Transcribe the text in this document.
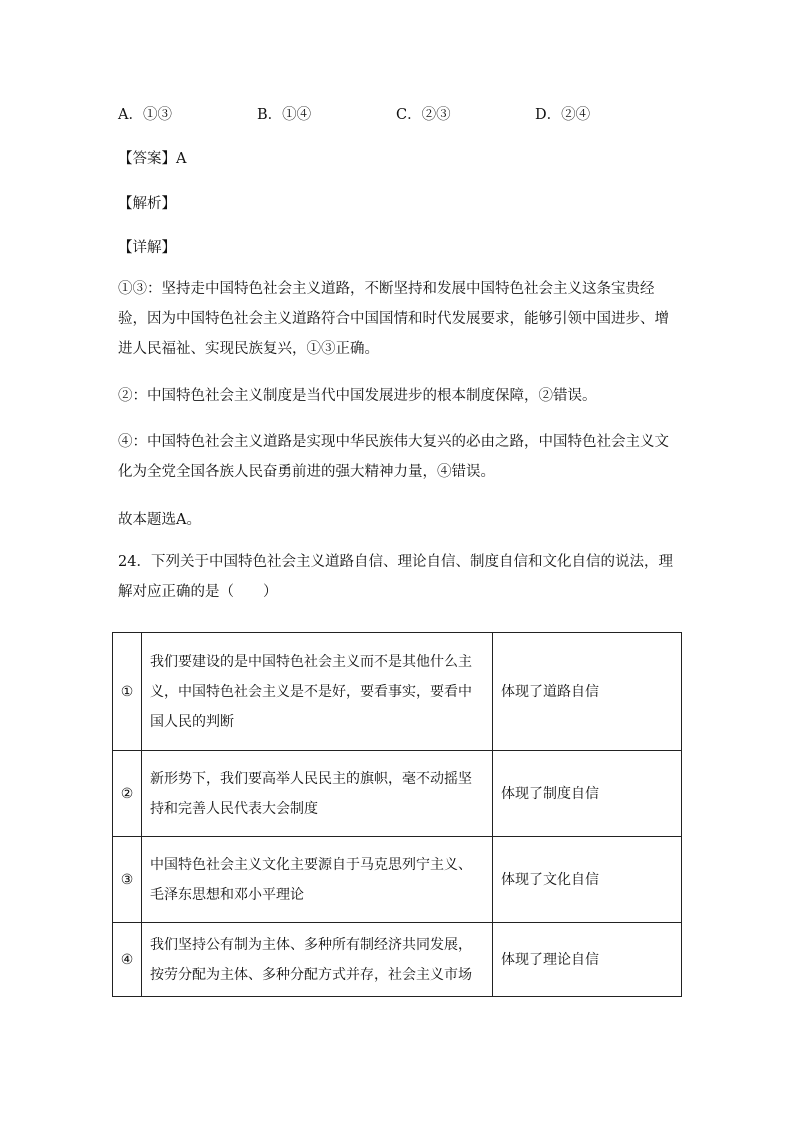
A．①③	B．①④	C．②③	D．②④
【答案】A
【解析】
【详解】
①③：坚持走中国特色社会主义道路，不断坚持和发展中国特色社会主义这条宝贵经验，因为中国特色社会主义道路符合中国国情和时代发展要求，能够引领中国进步、增进人民福祉、实现民族复兴，①③正确。
②：中国特色社会主义制度是当代中国发展进步的根本制度保障，②错误。
④：中国特色社会主义道路是实现中华民族伟大复兴的必由之路，中国特色社会主义文化为全党全国各族人民奋勇前进的强大精神力量，④错误。
故本题选A。
24．下列关于中国特色社会主义道路自信、理论自信、制度自信和文化自信的说法，理解对应正确的是（　　）
①	我们要建设的是中国特色社会主义而不是其他什么主义，中国特色社会主义是不是好，要看事实，要看中国人民的判断	体现了道路自信
②	新形势下，我们要高举人民民主的旗帜，毫不动摇坚持和完善人民代表大会制度	体现了制度自信
③	中国特色社会主义文化主要源自于马克思列宁主义、毛泽东思想和邓小平理论	体现了文化自信
④	我们坚持公有制为主体、多种所有制经济共同发展，按劳分配为主体、多种分配方式并存，社会主义市场	体现了理论自信
